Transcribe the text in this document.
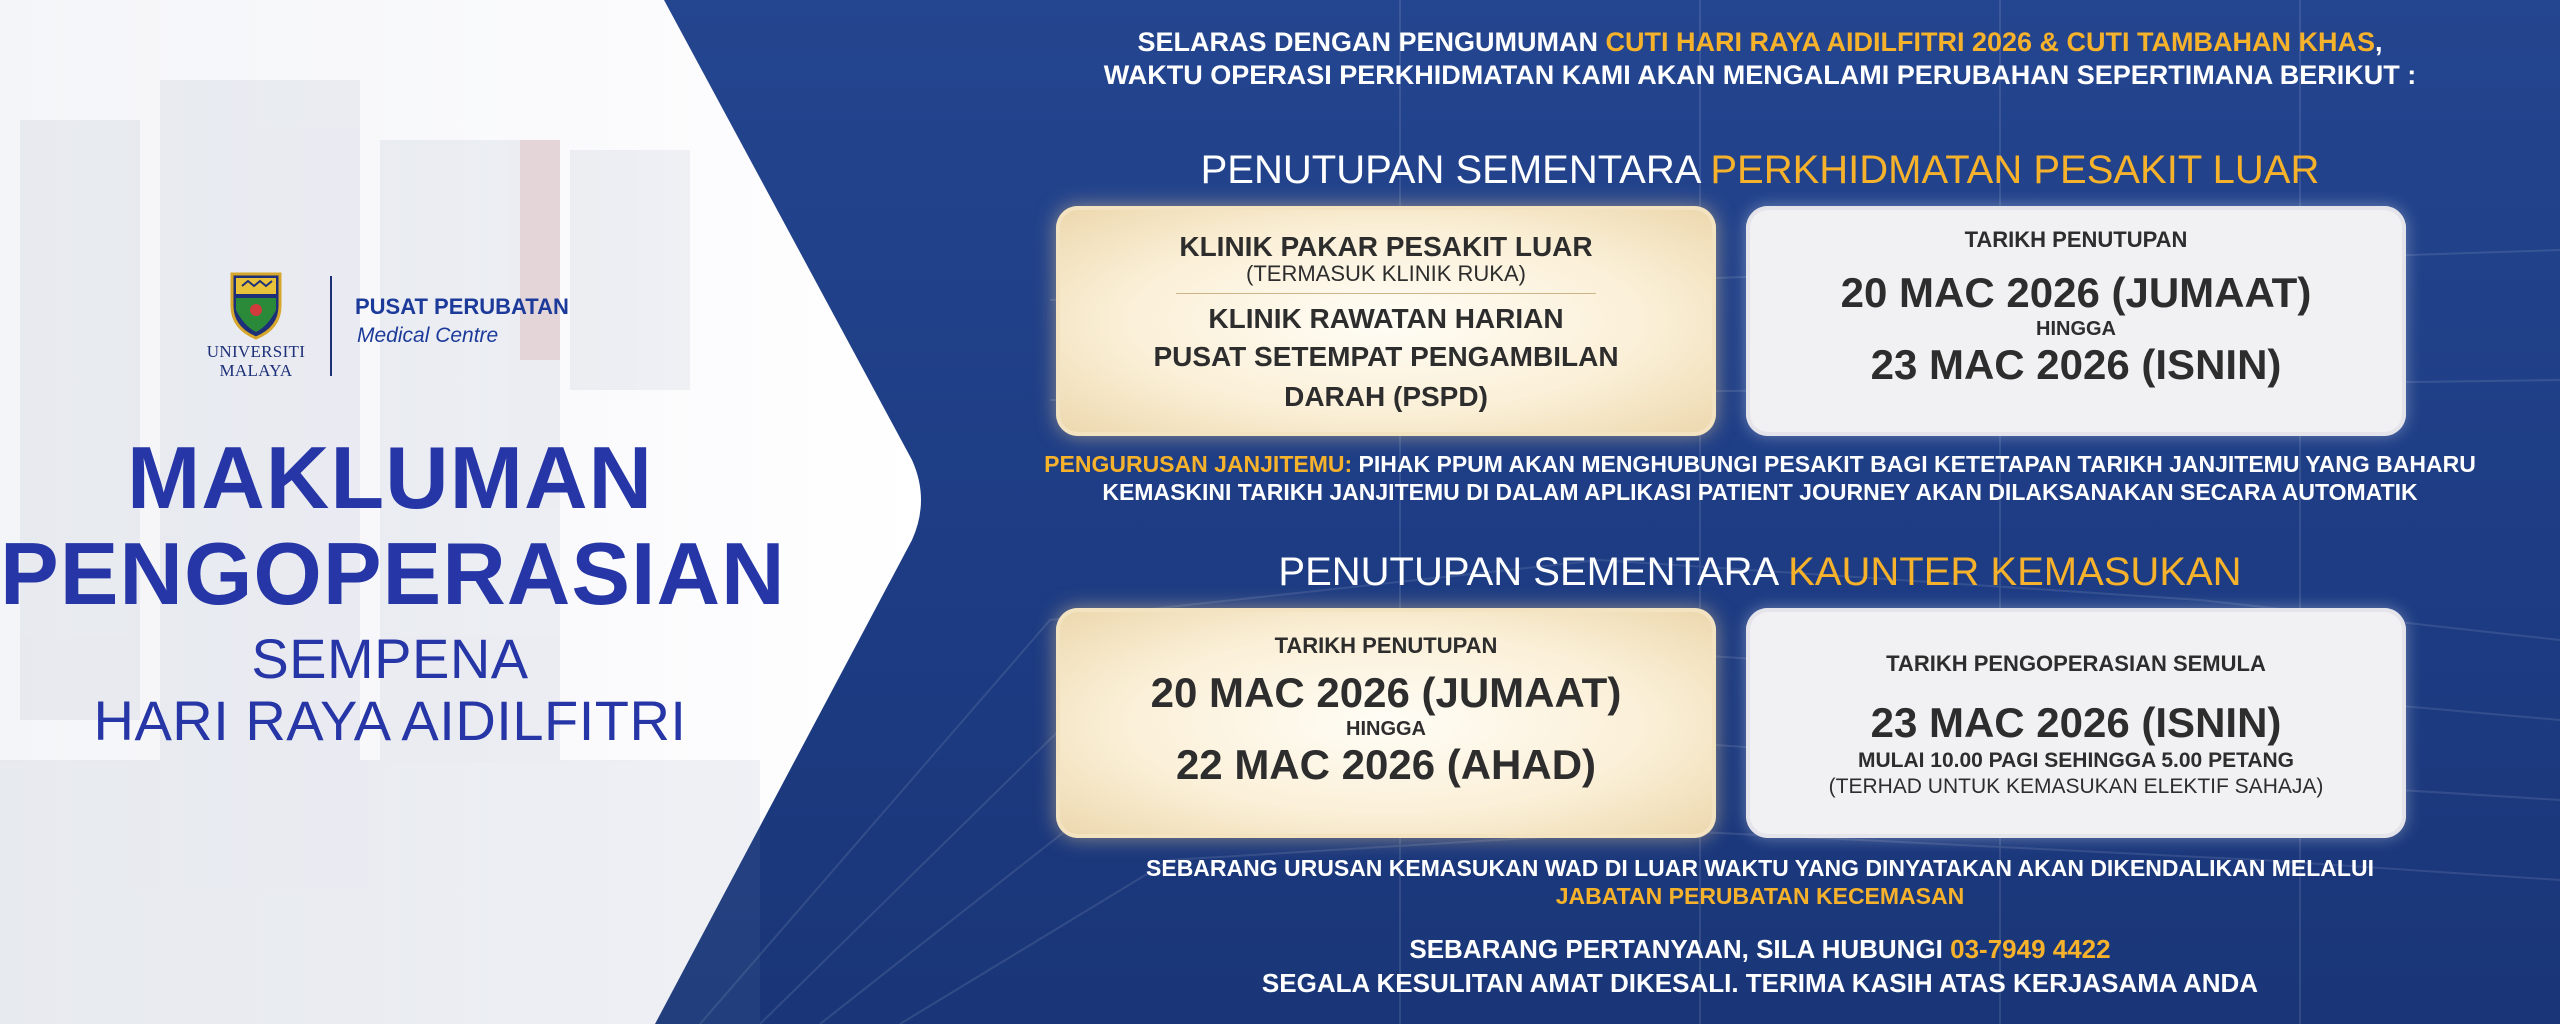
UNIVERSITI
MALAYA
PUSAT PERUBATAN
Medical Centre
MAKLUMAN
PENGOPERASIAN
SEMPENA
HARI RAYA AIDILFITRI
SELARAS DENGAN PENGUMUMAN CUTI HARI RAYA AIDILFITRI 2026 & CUTI TAMBAHAN KHAS,
WAKTU OPERASI PERKHIDMATAN KAMI AKAN MENGALAMI PERUBAHAN SEPERTIMANA BERIKUT :
PENUTUPAN SEMENTARA PERKHIDMATAN PESAKIT LUAR
KLINIK PAKAR PESAKIT LUAR
(TERMASUK KLINIK RUKA)
KLINIK RAWATAN HARIAN
PUSAT SETEMPAT PENGAMBILAN
DARAH (PSPD)
TARIKH PENUTUPAN
20 MAC 2026 (JUMAAT)
HINGGA
23 MAC 2026 (ISNIN)
PENGURUSAN JANJITEMU: PIHAK PPUM AKAN MENGHUBUNGI PESAKIT BAGI KETETAPAN TARIKH JANJITEMU YANG BAHARU
KEMASKINI TARIKH JANJITEMU DI DALAM APLIKASI PATIENT JOURNEY AKAN DILAKSANAKAN SECARA AUTOMATIK
PENUTUPAN SEMENTARA KAUNTER KEMASUKAN
TARIKH PENUTUPAN
20 MAC 2026 (JUMAAT)
HINGGA
22 MAC 2026 (AHAD)
TARIKH PENGOPERASIAN SEMULA
23 MAC 2026 (ISNIN)
MULAI 10.00 PAGI SEHINGGA 5.00 PETANG
(TERHAD UNTUK KEMASUKAN ELEKTIF SAHAJA)
SEBARANG URUSAN KEMASUKAN WAD DI LUAR WAKTU YANG DINYATAKAN AKAN DIKENDALIKAN MELALUI
JABATAN PERUBATAN KECEMASAN
SEBARANG PERTANYAAN, SILA HUBUNGI 03-7949 4422
SEGALA KESULITAN AMAT DIKESALI. TERIMA KASIH ATAS KERJASAMA ANDA
